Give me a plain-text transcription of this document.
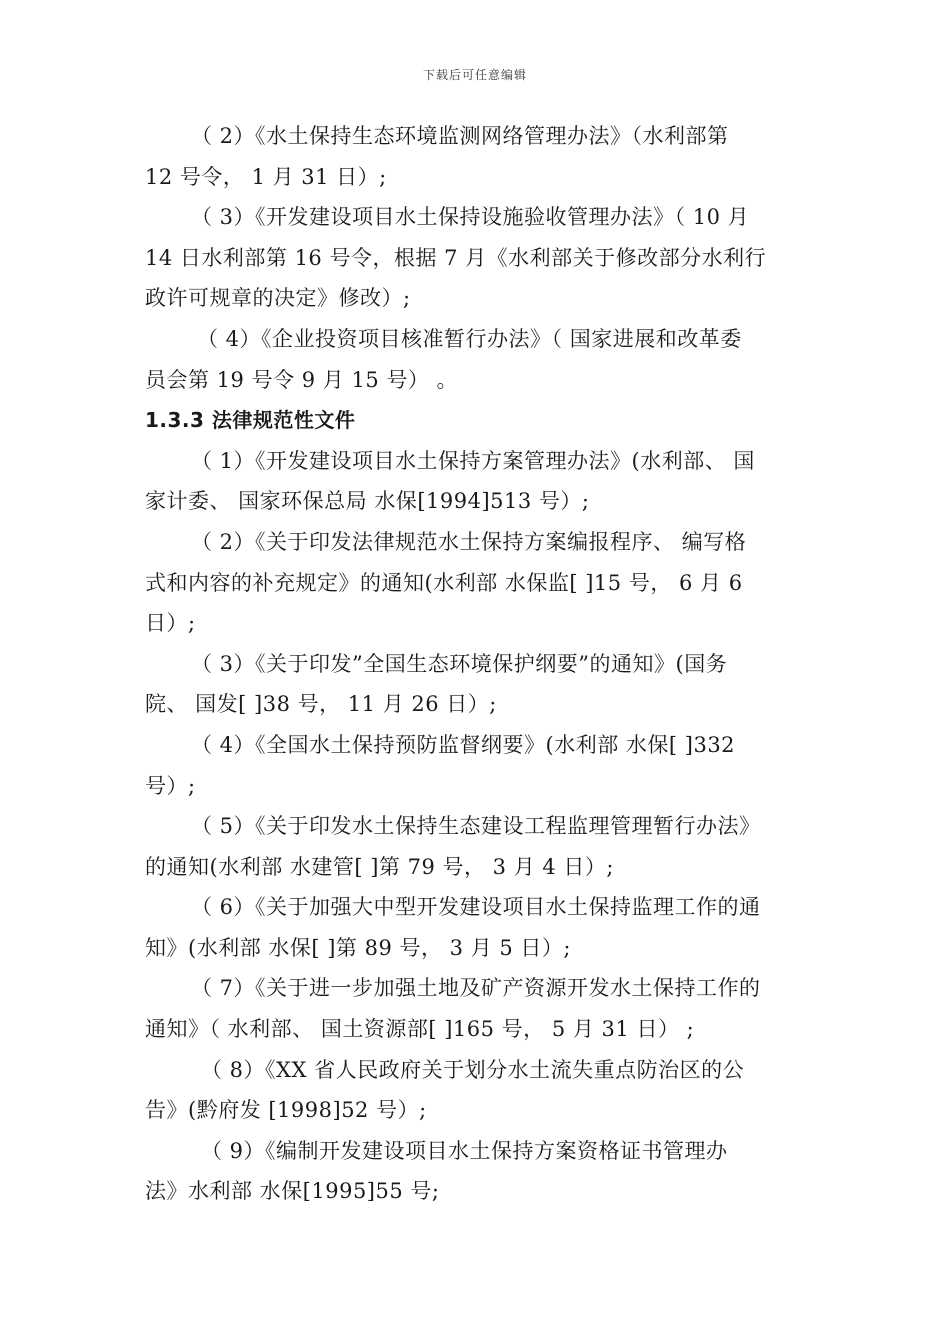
下载后可任意编辑
（ 2）《水土保持生态环境监测网络管理办法》（水利部第
12 号令， 1 月 31 日）;
（ 3）《开发建设项目水土保持设施验收管理办法》（ 10 月
14 日水利部第 16 号令，根据 7 月《水利部关于修改部分水利行
政许可规章的决定》修改）;
（ 4）《企业投资项目核准暂行办法》（ 国家进展和改革委
员会第 19 号令 9 月 15 号） 。
1.3.3 法律规范性文件
（ 1）《开发建设项目水土保持方案管理办法》(水利部、 国
家计委、 国家环保总局 水保[1994]513 号）;
（ 2）《关于印发法律规范水土保持方案编报程序、 编写格
式和内容的补充规定》的通知(水利部 水保监[ ]15 号， 6 月 6
日）;
（ 3）《关于印发”全国生态环境保护纲要”的通知》(国务
院、 国发[ ]38 号， 11 月 26 日）;
（ 4）《全国水土保持预防监督纲要》(水利部 水保[ ]332
号）;
（ 5）《关于印发水土保持生态建设工程监理管理暂行办法》
的通知(水利部 水建管[ ]第 79 号， 3 月 4 日）;
（ 6）《关于加强大中型开发建设项目水土保持监理工作的通
知》(水利部 水保[ ]第 89 号， 3 月 5 日）;
（ 7）《关于进一步加强土地及矿产资源开发水土保持工作的
通知》（ 水利部、 国土资源部[ ]165 号， 5 月 31 日） ;
（ 8）《XX 省人民政府关于划分水土流失重点防治区的公
告》(黔府发 [1998]52 号）;
（ 9）《编制开发建设项目水土保持方案资格证书管理办
法》水利部 水保[1995]55 号;
